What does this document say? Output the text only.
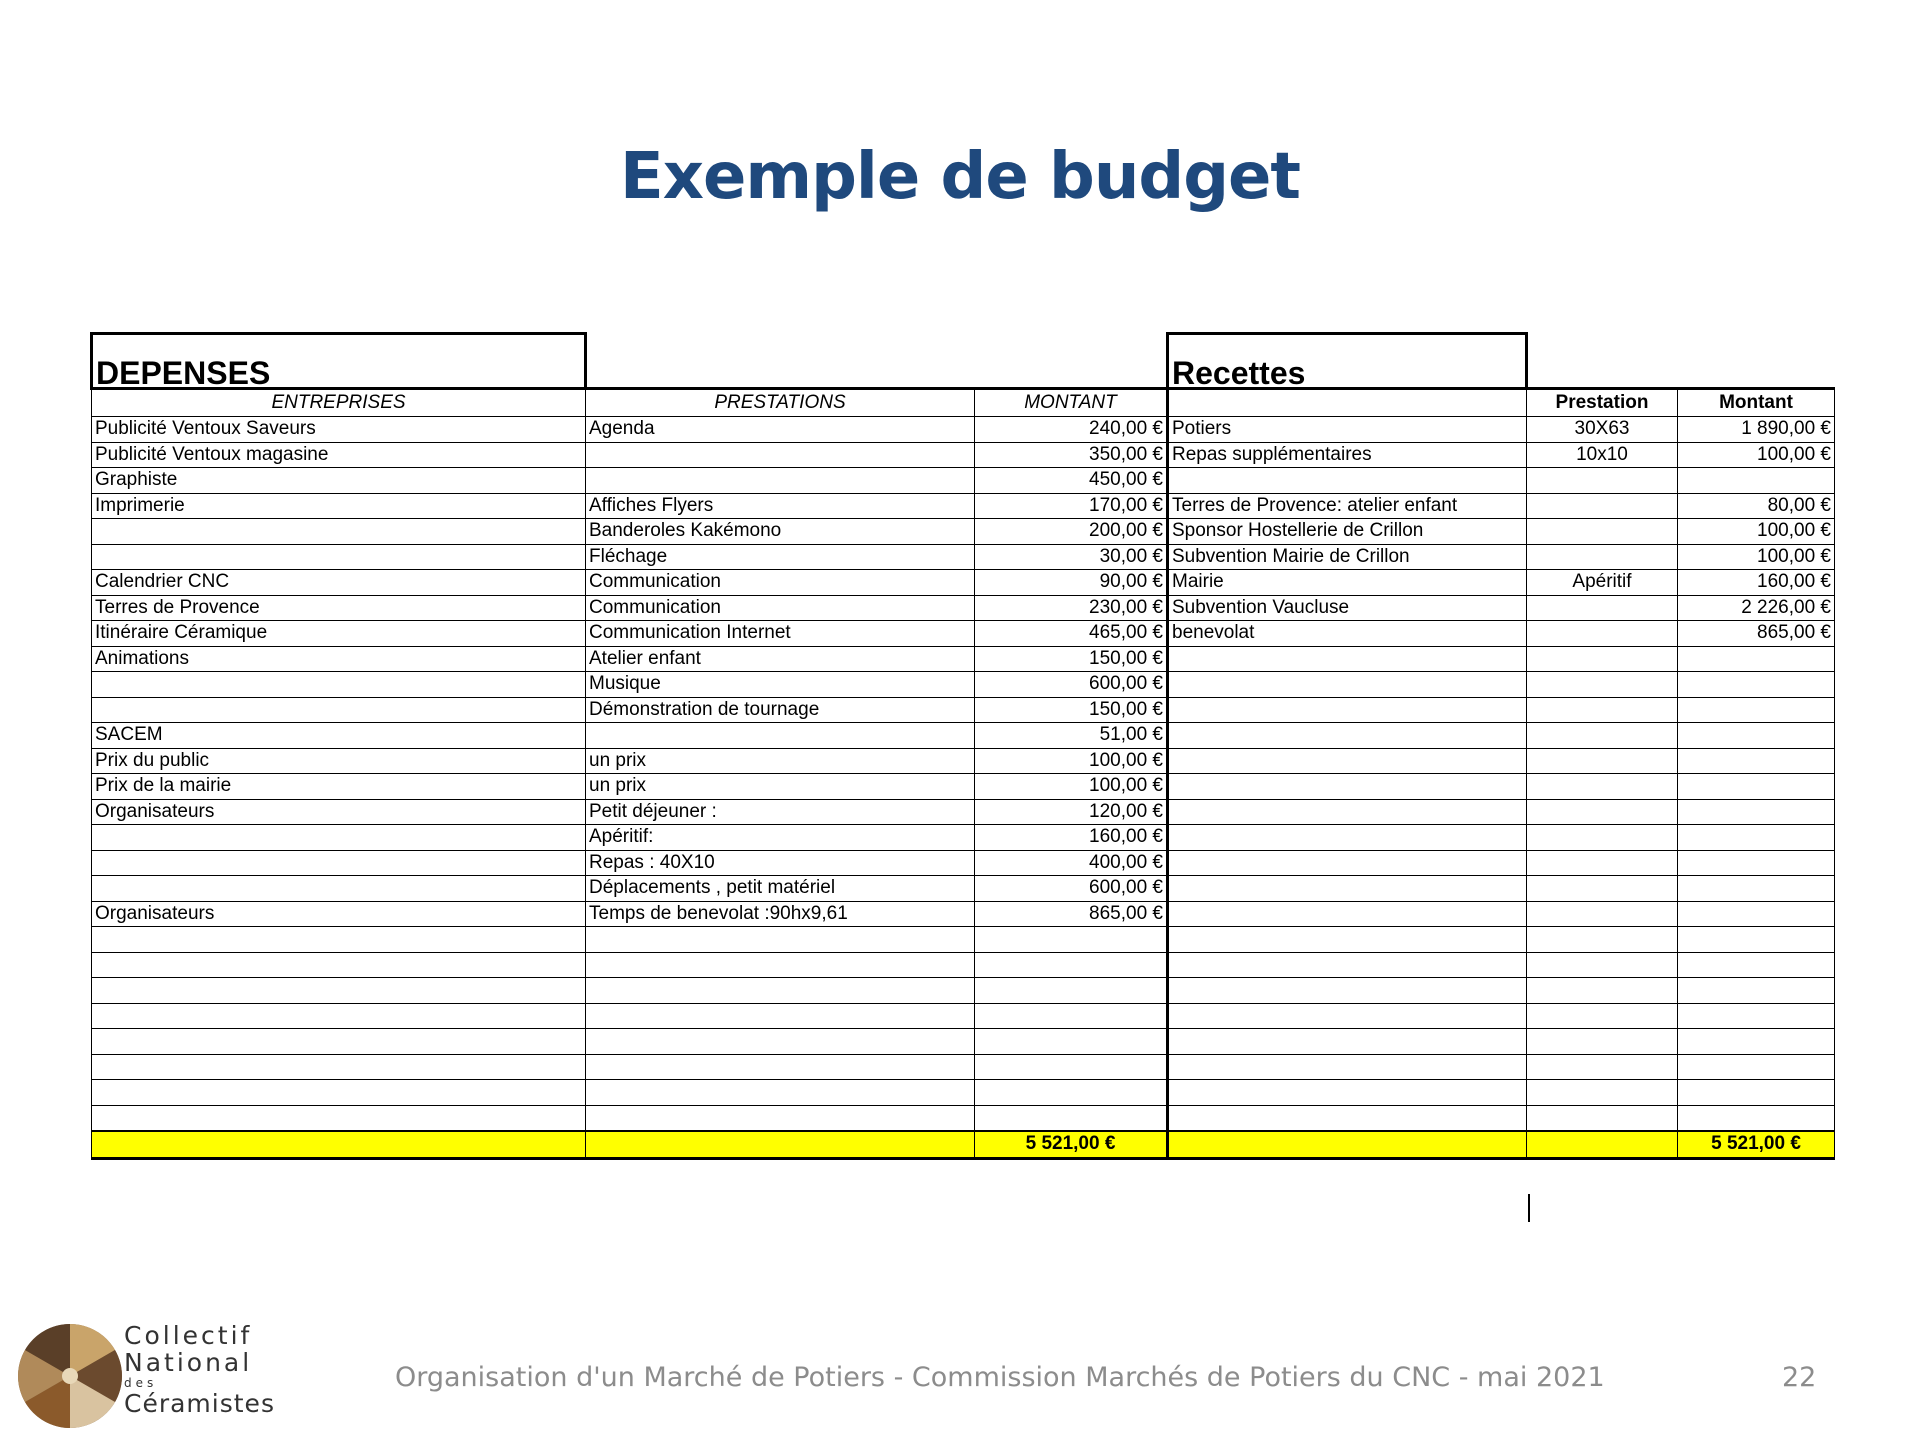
Exemple de budget
DEPENSES			Recettes		
ENTREPRISES	PRESTATIONS	MONTANT		Prestation	Montant
Publicité Ventoux Saveurs	Agenda	240,00 €	Potiers	30X63	1 890,00 €
Publicité Ventoux magasine		350,00 €	Repas supplémentaires	10x10	100,00 €
Graphiste		450,00 €			
Imprimerie	Affiches Flyers	170,00 €	Terres de Provence: atelier enfant		80,00 €
	Banderoles Kakémono	200,00 €	Sponsor Hostellerie de Crillon		100,00 €
	Fléchage	30,00 €	Subvention Mairie de Crillon		100,00 €
Calendrier CNC	Communication	90,00 €	Mairie	Apéritif	160,00 €
Terres de Provence	Communication	230,00 €	Subvention Vaucluse		2 226,00 €
Itinéraire Céramique	Communication Internet	465,00 €	benevolat		865,00 €
Animations	Atelier enfant	150,00 €			
	Musique	600,00 €			
	Démonstration de tournage	150,00 €			
SACEM		51,00 €			
Prix du public	un prix	100,00 €			
Prix de la mairie	un prix	100,00 €			
Organisateurs	Petit déjeuner :	120,00 €			
	Apéritif:	160,00 €			
	Repas : 40X10	400,00 €			
	Déplacements , petit matériel	600,00 €			
Organisateurs	Temps de benevolat :90hx9,61	865,00 €			

		5 521,00 €			5 521,00 €
Collectif
National
des
Céramistes
Organisation d'un Marché de Potiers - Commission Marchés de Potiers du CNC - mai 2021	22
